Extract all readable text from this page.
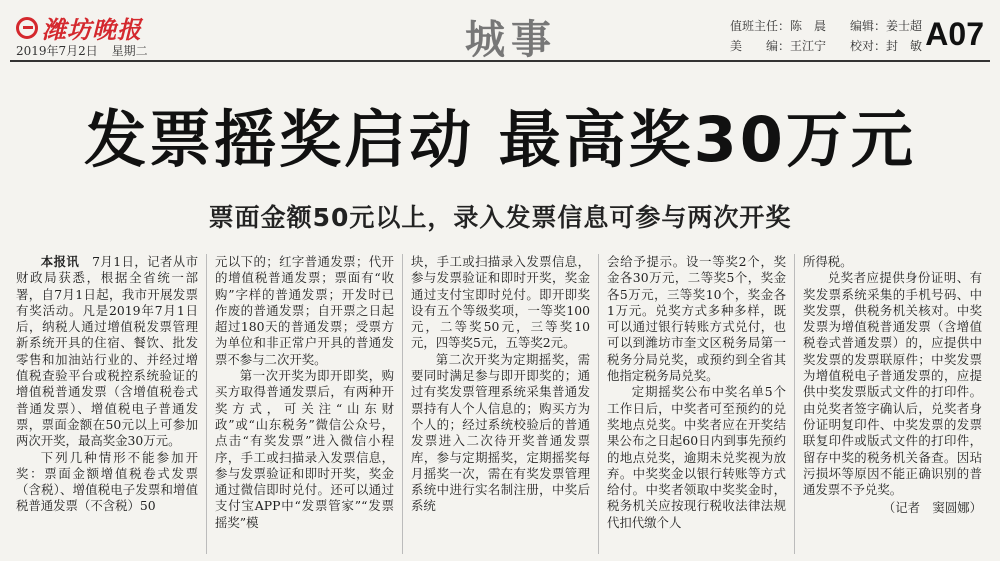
潍坊晚报
2019年7月2日 星期二	城事	值班主任：陈　晨	编辑：姜士超
美　　编：王江宁	校对：封　敏 A07
发票摇奖启动 最高奖30万元
票面金额50元以上，录入发票信息可参与两次开奖

本报讯　 7月1日，记者从市财政局获悉，根据全省统一部署，自7月1日起，我市开展发票有奖活动。凡是2019年7月1日后，纳税人通过增值税发票管理新系统开具的住宿、餐饮、批发零售和加油站行业的、并经过增值税查验平台或税控系统验证的增值税普通发票（含增值税卷式普通发票）、增值税电子普通发票，票面金额在50元以上可参加两次开奖，最高奖金30万元。

下列几种情形不能参加开奖：票面金额增值税卷式发票（含税）、增值税电子发票和增值税普通发票（不含税）50

元以下的；红字普通发票；代开的增值税普通发票；票面有“收购”字样的普通发票；开发时已作废的普通发票；自开票之日起超过180天的普通发票；受票方为单位和非正常户开具的普通发票不参与二次开奖。

第一次开奖为即开即奖，购买方取得普通发票后，有两种开奖方式，可关注“山东财政”或“山东税务”微信公众号，点击“有奖发票”进入微信小程序，手工或扫描录入发票信息，参与发票验证和即时开奖，奖金通过微信即时兑付。还可以通过支付宝APP中“发票管家”“发票摇奖”模

块，手工或扫描录入发票信息，参与发票验证和即时开奖，奖金通过支付宝即时兑付。即开即奖设有五个等级奖项，一等奖100元，二等奖50元，三等奖10元，四等奖5元，五等奖2元。

第二次开奖为定期摇奖，需要同时满足参与即开即奖的；通过有奖发票管理系统采集普通发票持有人个人信息的；购买方为个人的；经过系统校验后的普通发票进入二次待开奖普通发票库，参与定期摇奖，定期摇奖每月摇奖一次，需在有奖发票管理系统中进行实名制注册，中奖后系统

会给予提示。设一等奖2个，奖金各30万元，二等奖5个，奖金各5万元，三等奖10个，奖金各1万元。兑奖方式多种多样，既可以通过银行转账方式兑付，也可以到潍坊市奎文区税务局第一税务分局兑奖，或预约到全省其他指定税务局兑奖。

定期摇奖公布中奖名单5个工作日后，中奖者可至预约的兑奖地点兑奖。中奖者应在开奖结果公布之日起60日内到事先预约的地点兑奖，逾期未兑奖视为放弃。中奖奖金以银行转账等方式给付。中奖者领取中奖奖金时，税务机关应按现行税收法律法规代扣代缴个人

所得税。

兑奖者应提供身份证明、有奖发票系统采集的手机号码、中奖发票，供税务机关核对。中奖发票为增值税普通发票（含增值税卷式普通发票）的，应提供中奖发票的发票联原件；中奖发票为增值税电子普通发票的，应提供中奖发票版式文件的打印件。由兑奖者签字确认后，兑奖者身份证明复印件、中奖发票的发票联复印件或版式文件的打印件，留存中奖的税务机关备查。因玷污损坏等原因不能正确识别的普通发票不予兑奖。

（记者　窦圆娜）
